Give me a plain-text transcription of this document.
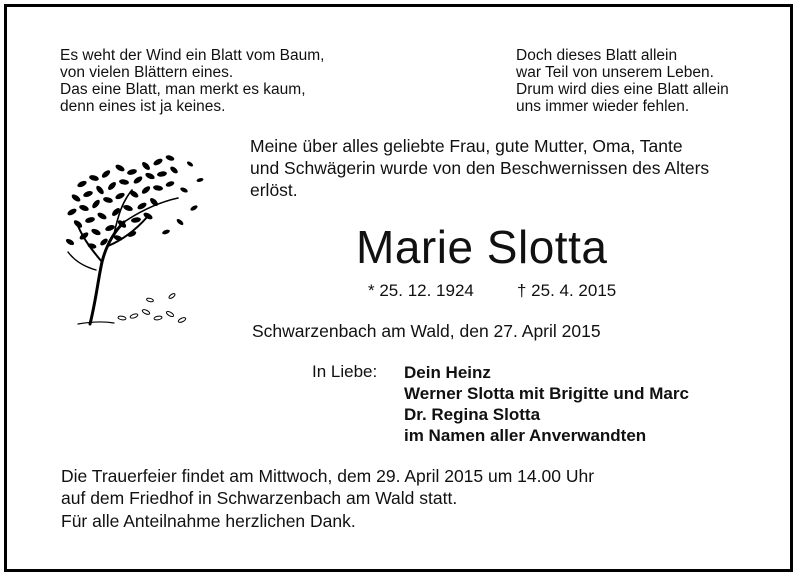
Es weht der Wind ein Blatt vom Baum,
von vielen Blättern eines.
Das eine Blatt, man merkt es kaum,
denn eines ist ja keines.
Doch dieses Blatt allein
war Teil von unserem Leben.
Drum wird dies eine Blatt allein
uns immer wieder fehlen.
Meine über alles geliebte Frau, gute Mutter, Oma, Tante
und Schwägerin wurde von den Beschwernissen des Alters
erlöst.
Marie Slotta
* 25. 12. 1924	† 25. 4. 2015
Schwarzenbach am Wald, den 27. April 2015
In Liebe: Dein Heinz
Werner Slotta mit Brigitte und Marc
Dr. Regina Slotta
im Namen aller Anverwandten
Die Trauerfeier findet am Mittwoch, dem 29. April 2015 um 14.00 Uhr
auf dem Friedhof in Schwarzenbach am Wald statt.
Für alle Anteilnahme herzlichen Dank.
